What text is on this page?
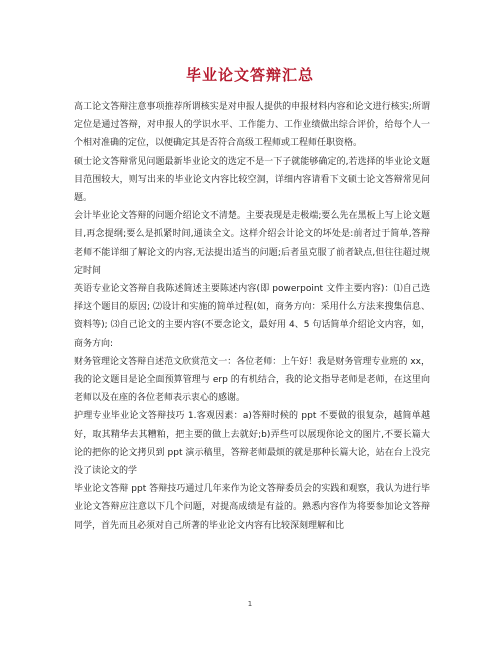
毕业论文答辩汇总

高工论文答辩注意事项推荐所谓核实是对申报人提供的申报材料内容和论文进行核实;所谓定位是通过答辩，对申报人的学识水平、工作能力、工作业绩做出综合评价，给每个人一个相对准确的定位，以便确定其是否符合高级工程师或工程师任职资格。

硕士论文答辩常见问题最新毕业论文的选定不是一下子就能够确定的,若选择的毕业论文题目范围较大，则写出来的毕业论文内容比较空洞，详细内容请看下文硕士论文答辩常见问题。

会计毕业论文答辩的问题介绍论文不清楚。主要表现是走极端;要么先在黑板上写上论文题目,再念提纲;要么是抓紧时间,通读全文。这样介绍会计论文的坏处是:前者过于简单,答辩老师不能详细了解论文的内容,无法提出适当的问题;后者虽克服了前者缺点,但往往超过规定时间

英语专业论文答辩自我陈述简述主要陈述内容(即 powerpoint 文件主要内容)：⑴自己选择这个题目的原因; ⑵设计和实施的简单过程(如，商务方向：采用什么方法来搜集信息、资料等); ⑶自己论文的主要内容(不要念论文，最好用 4、5 句话简单介绍论文内容，如，商务方向:

财务管理论文答辩自述范文欣赏范文一：各位老师：上午好！我是财务管理专业班的 xx，我的论文题目是论全面预算管理与 erp 的有机结合，我的论文指导老师是老师，在这里向老师以及在座的各位老师表示衷心的感谢。

护理专业毕业论文答辩技巧 1.客观因素：a)答辩时候的 ppt 不要做的很复杂，越简单越好，取其精华去其糟粕，把主要的做上去就好;b)弄些可以展现你论文的图片,不要长篇大论的把你的论文拷贝到 ppt 演示稿里，答辩老师最烦的就是那种长篇大论，站在台上没完没了读论文的学

毕业论文答辩 ppt 答辩技巧通过几年来作为论文答辩委员会的实践和观察，我认为进行毕业论文答辩应注意以下几个问题，对提高成绩是有益的。熟悉内容作为将要参加论文答辩同学，首先而且必须对自己所著的毕业论文内容有比较深刻理解和比

1
